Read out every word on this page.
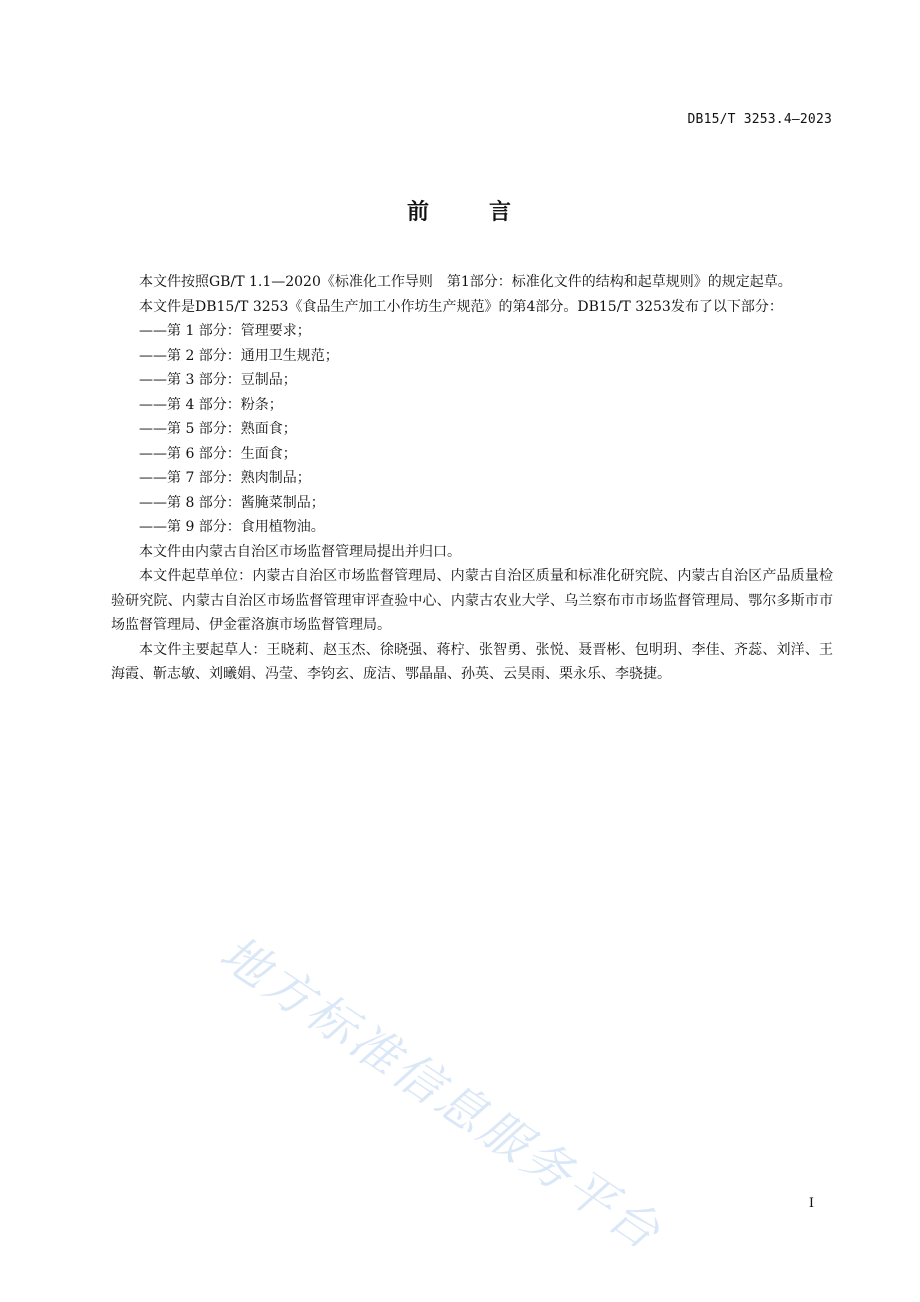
DB15/T 3253.4—2023
前	言

本文件按照GB/T 1.1—2020《标准化工作导则　第1部分：标准化文件的结构和起草规则》的规定起草。

本文件是DB15/T 3253《食品生产加工小作坊生产规范》的第4部分。DB15/T 3253发布了以下部分：

——第 1 部分：管理要求；

——第 2 部分：通用卫生规范；

——第 3 部分：豆制品；

——第 4 部分：粉条；

——第 5 部分：熟面食；

——第 6 部分：生面食；

——第 7 部分：熟肉制品；

——第 8 部分：酱腌菜制品；

——第 9 部分：食用植物油。

本文件由内蒙古自治区市场监督管理局提出并归口。

本文件起草单位：内蒙古自治区市场监督管理局、内蒙古自治区质量和标准化研究院、内蒙古自治区产品质量检验研究院、内蒙古自治区市场监督管理审评查验中心、内蒙古农业大学、乌兰察布市市场监督管理局、鄂尔多斯市市场监督管理局、伊金霍洛旗市场监督管理局。

本文件主要起草人：王晓莉、赵玉杰、徐晓强、蒋柠、张智勇、张悦、聂晋彬、包明玥、李佳、齐蕊、刘洋、王海霞、靳志敏、刘曦娟、冯莹、李钧玄、庞洁、鄂晶晶、孙英、云昊雨、栗永乐、李骁捷。

地方标准信息服务平台	I
